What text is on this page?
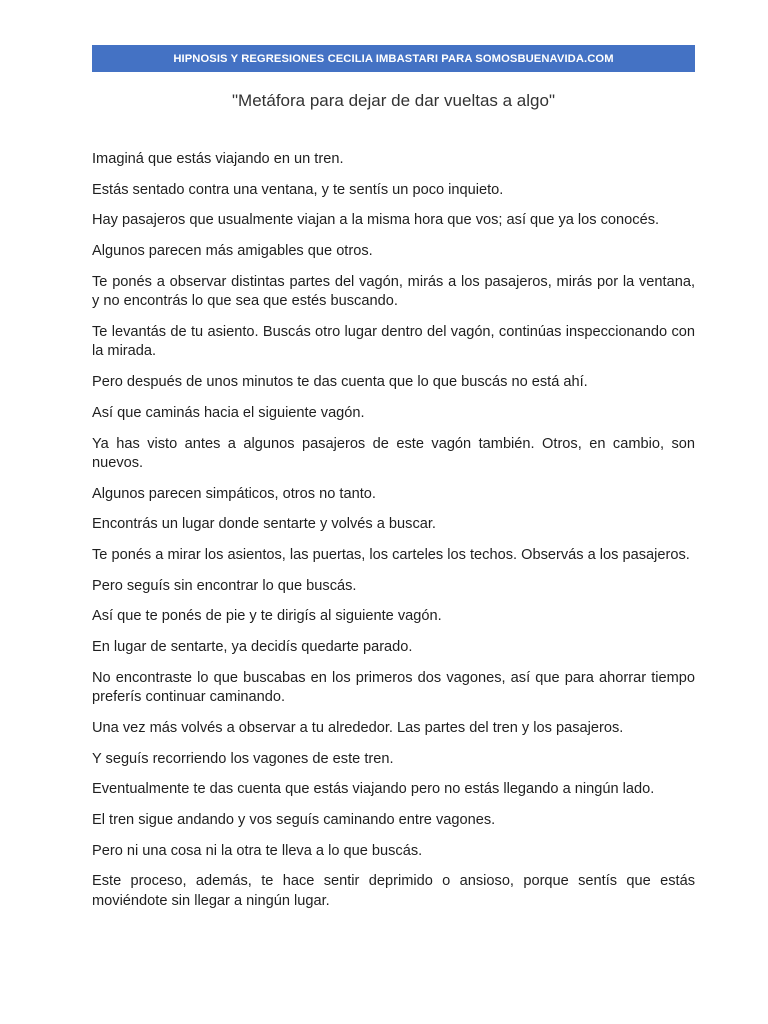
HIPNOSIS Y REGRESIONES CECILIA IMBASTARI PARA SOMOSBUENAVIDA.COM
"Metáfora para dejar de dar vueltas a algo"

Imaginá que estás viajando en un tren.

Estás sentado contra una ventana, y te sentís un poco inquieto.

Hay pasajeros que usualmente viajan a la misma hora que vos; así que ya los conocés.

Algunos parecen más amigables que otros.

Te ponés a observar distintas partes del vagón, mirás a los pasajeros, mirás por la ventana, y no encontrás lo que sea que estés buscando.

Te levantás de tu asiento. Buscás otro lugar dentro del vagón, continúas inspeccionando con la mirada.

Pero después de unos minutos te das cuenta que lo que buscás no está ahí.

Así que caminás hacia el siguiente vagón.

Ya has visto antes a algunos pasajeros de este vagón también. Otros, en cambio, son nuevos.

Algunos parecen simpáticos, otros no tanto.

Encontrás un lugar donde sentarte y volvés a buscar.

Te ponés a mirar los asientos, las puertas, los carteles los techos. Observás a los pasajeros.

Pero seguís sin encontrar lo que buscás.

Así que te ponés de pie y te dirigís al siguiente vagón.

En lugar de sentarte, ya decidís quedarte parado.

No encontraste lo que buscabas en los primeros dos vagones, así que para ahorrar tiempo preferís continuar caminando.

Una vez más volvés a observar a tu alrededor. Las partes del tren y los pasajeros.

Y seguís recorriendo los vagones de este tren.

Eventualmente te das cuenta que estás viajando pero no estás llegando a ningún lado.

El tren sigue andando y vos seguís caminando entre vagones.

Pero ni una cosa ni la otra te lleva a lo que buscás.

Este proceso, además, te hace sentir deprimido o ansioso, porque sentís que estás moviéndote sin llegar a ningún lugar.
